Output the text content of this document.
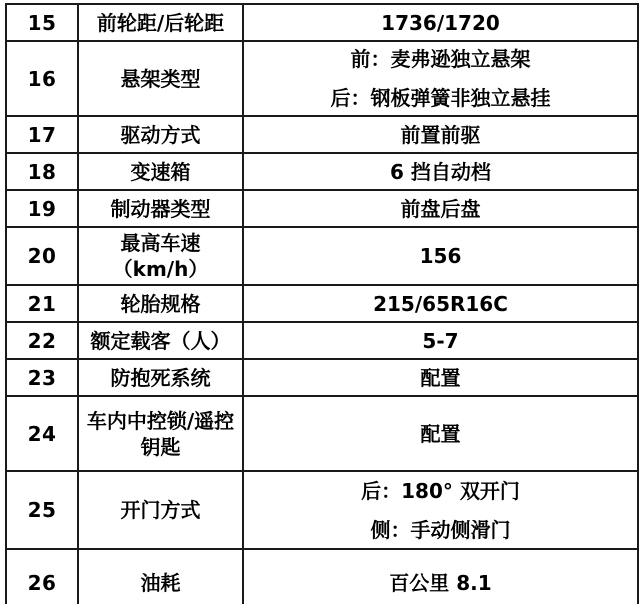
15	前轮距/后轮距	1736/1720
16	悬架类型	前：麦弗逊独立悬架
后：钢板弹簧非独立悬挂

17	驱动方式	前置前驱
18	变速箱	6 挡自动档
19	制动器类型	前盘后盘
20	最高车速（km/h）	156
21	轮胎规格	215/65R16C
22	额定载客（人）	5-7
23	防抱死系统	配置
24	车内中控锁/遥控钥匙	配置
25	开门方式	后：180° 双开门
侧：手动侧滑门

26	油耗	百公里 8.1
